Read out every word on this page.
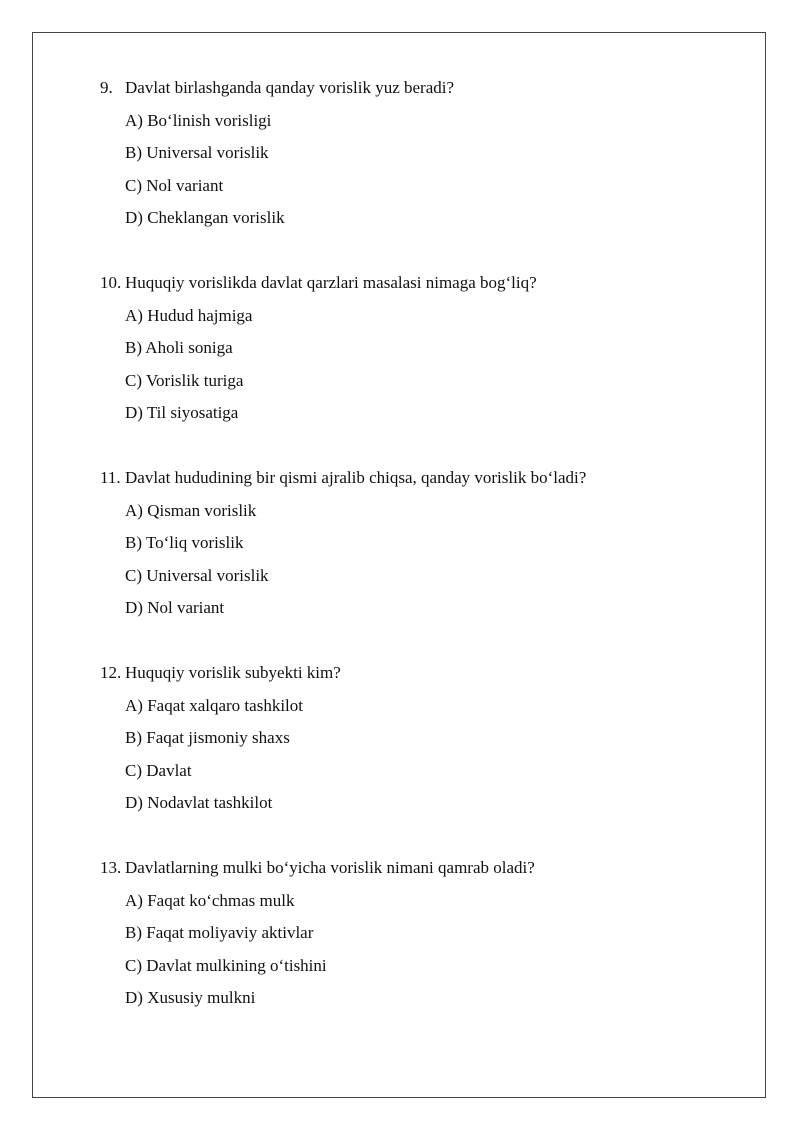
9. Davlat birlashganda qanday vorislik yuz beradi?
A) Bo‘linish vorisligi
B) Universal vorislik
C) Nol variant
D) Cheklangan vorislik
10. Huquqiy vorislikda davlat qarzlari masalasi nimaga bog‘liq?
A) Hudud hajmiga
B) Aholi soniga
C) Vorislik turiga
D) Til siyosatiga
11. Davlat hududining bir qismi ajralib chiqsa, qanday vorislik bo‘ladi?
A) Qisman vorislik
B) To‘liq vorislik
C) Universal vorislik
D) Nol variant
12. Huquqiy vorislik subyekti kim?
A) Faqat xalqaro tashkilot
B) Faqat jismoniy shaxs
C) Davlat
D) Nodavlat tashkilot
13. Davlatlarning mulki bo‘yicha vorislik nimani qamrab oladi?
A) Faqat ko‘chmas mulk
B) Faqat moliyaviy aktivlar
C) Davlat mulkining o‘tishini
D) Xususiy mulkni
